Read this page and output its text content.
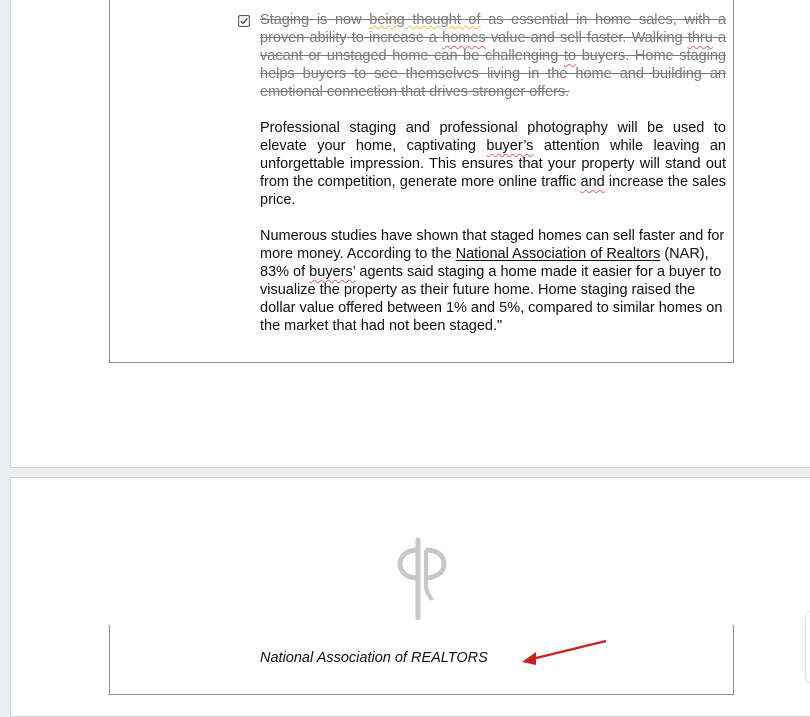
Staging is now being thought of as essential in home sales, with a proven ability to increase a homes value and sell faster. Walking thru a vacant or unstaged home can be challenging to buyers. Home staging helps buyers to see themselves living in the home and building an emotional connection that drives stronger offers.
Professional staging and professional photography will be used to elevate your home, captivating buyer’s attention while leaving an unforgettable impression. This ensures that your property will stand out from the competition, generate more online traffic and increase the sales price.
Numerous studies have shown that staged homes can sell faster and for more money. According to the National Association of Realtors (NAR), 83% of buyers’ agents said staging a home made it easier for a buyer to visualize the property as their future home. Home staging raised the dollar value offered between 1% and 5%, compared to similar homes on the market that had not been staged."
National Association of REALTORS
